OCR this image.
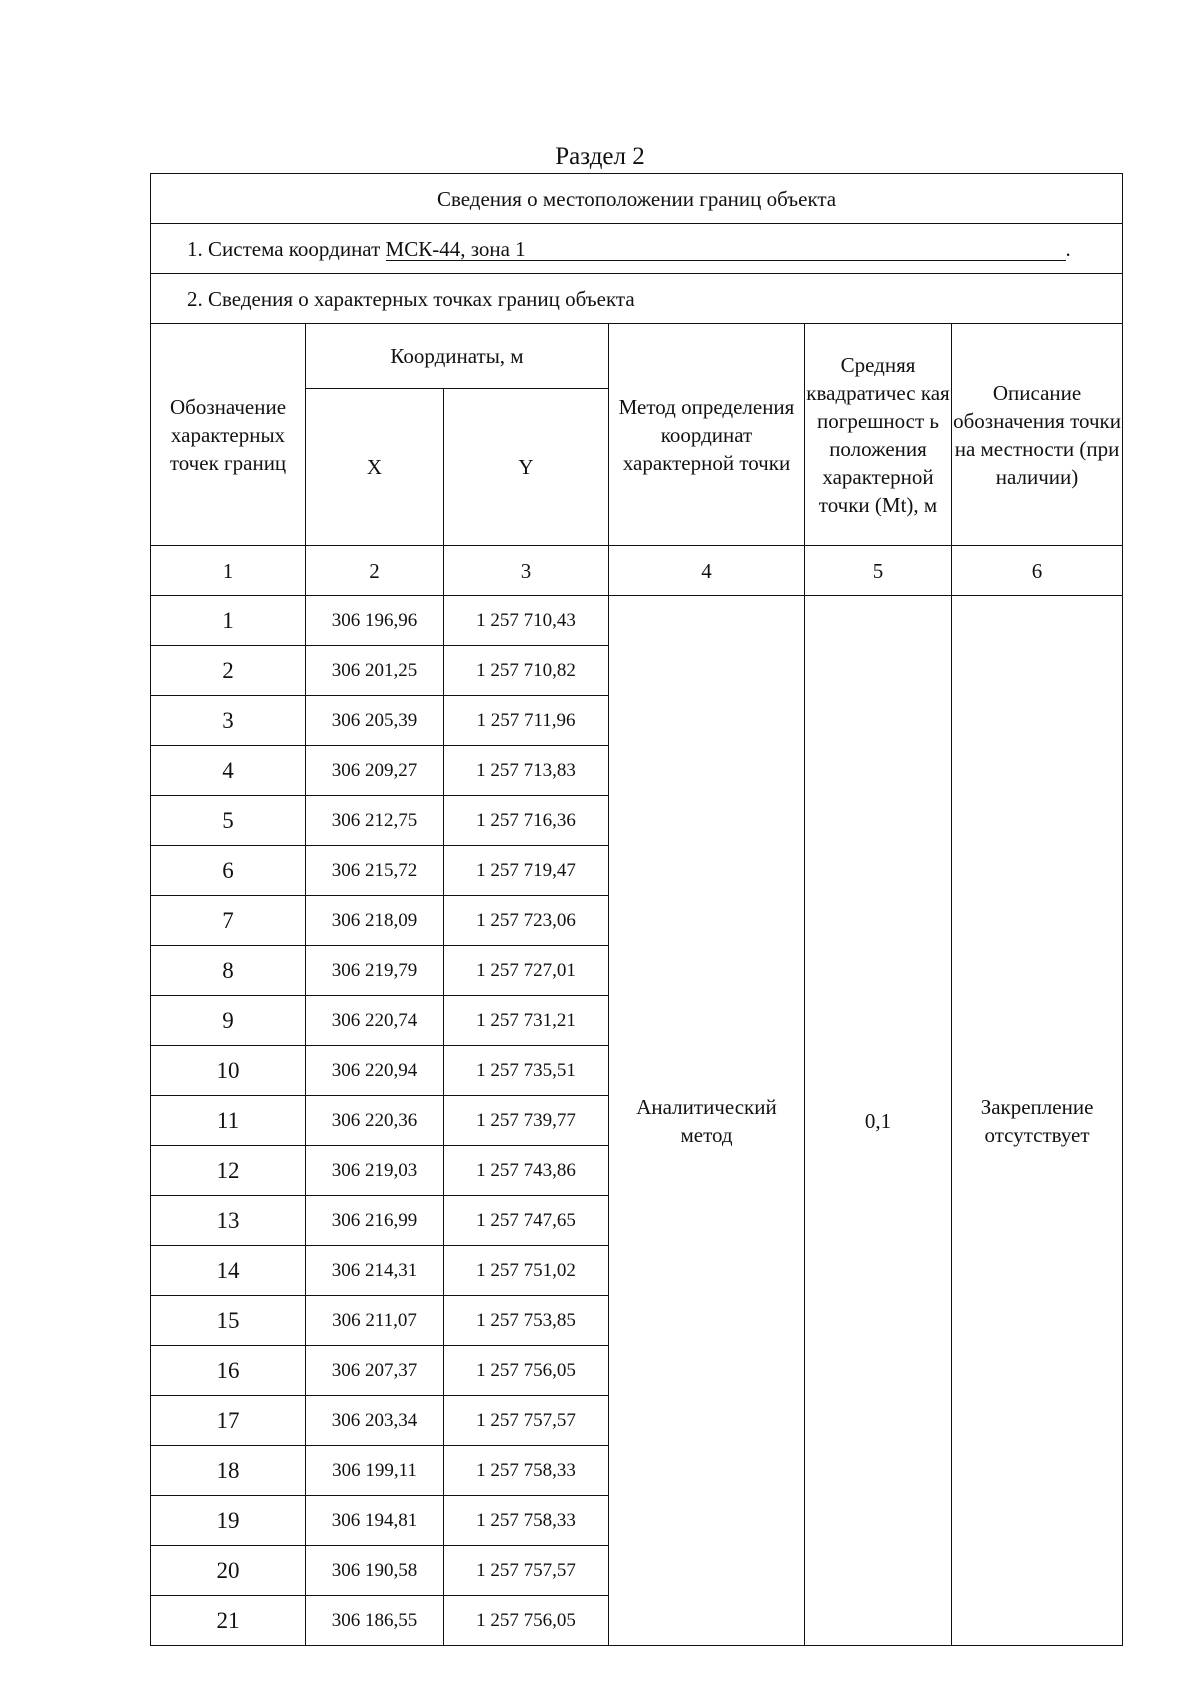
Раздел 2
Сведения о местоположении границ объекта					
1. Система координат МСК-44, зона 1 .					
2. Сведения о характерных точках границ объекта					
Обозначение характерных точек границ	Координаты, м		Метод определения координат характерной точки	Средняя квадратичес кая погрешност ь положения характерной точки (Mt), м	Описание обозначения точки на местности (при наличии)
	X	Y			
1	2	3	4	5	6
1	306 196,96	1 257 710,43	Аналитический метод	0,1	Закрепление отсутствует
2	306 201,25	1 257 710,82			
3	306 205,39	1 257 711,96			
4	306 209,27	1 257 713,83			
5	306 212,75	1 257 716,36			
6	306 215,72	1 257 719,47			
7	306 218,09	1 257 723,06			
8	306 219,79	1 257 727,01			
9	306 220,74	1 257 731,21			
10	306 220,94	1 257 735,51			
11	306 220,36	1 257 739,77			
12	306 219,03	1 257 743,86			
13	306 216,99	1 257 747,65			
14	306 214,31	1 257 751,02			
15	306 211,07	1 257 753,85			
16	306 207,37	1 257 756,05			
17	306 203,34	1 257 757,57			
18	306 199,11	1 257 758,33			
19	306 194,81	1 257 758,33			
20	306 190,58	1 257 757,57			
21	306 186,55	1 257 756,05			
